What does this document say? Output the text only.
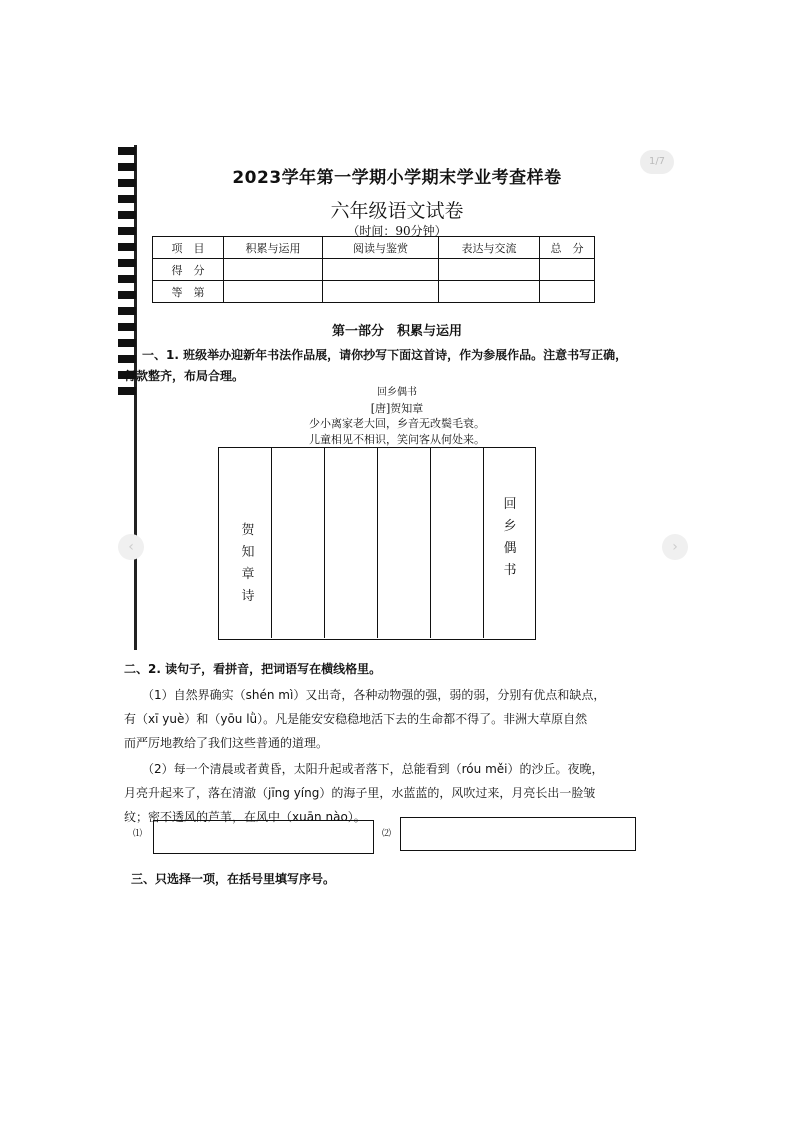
1/7
‹	›
2023学年第一学期小学期末学业考查样卷
六年级语文试卷
（时间：90分钟）
项　目	积累与运用	阅读与鉴赏	表达与交流	总　分
得　分				
等　第				
第一部分　积累与运用
一、1. 班级举办迎新年书法作品展，请你抄写下面这首诗，作为参展作品。注意书写正确，
行款整齐，布局合理。
回乡偶书
[唐]贺知章
少小离家老大回，乡音无改鬓毛衰。
儿童相见不相识，笑问客从何处来。
回乡偶书
贺知章诗
二、2. 读句子，看拼音，把词语写在横线格里。
（1）自然界确实（shén mì）又出奇，各种动物强的强，弱的弱，分别有优点和缺点，
有（xī yuè）和（yōu lǜ）。凡是能安安稳稳地活下去的生命都不得了。非洲大草原自然
而严厉地教给了我们这些普通的道理。
（2）每一个清晨或者黄昏，太阳升起或者落下，总能看到（róu měi）的沙丘。夜晚，
月亮升起来了，落在清澈（jīng yíng）的海子里，水蓝蓝的，风吹过来，月亮长出一脸皱
纹；密不透风的芦苇，在风中（xuān nào）。
⑴	⑵
三、只选择一项，在括号里填写序号。
